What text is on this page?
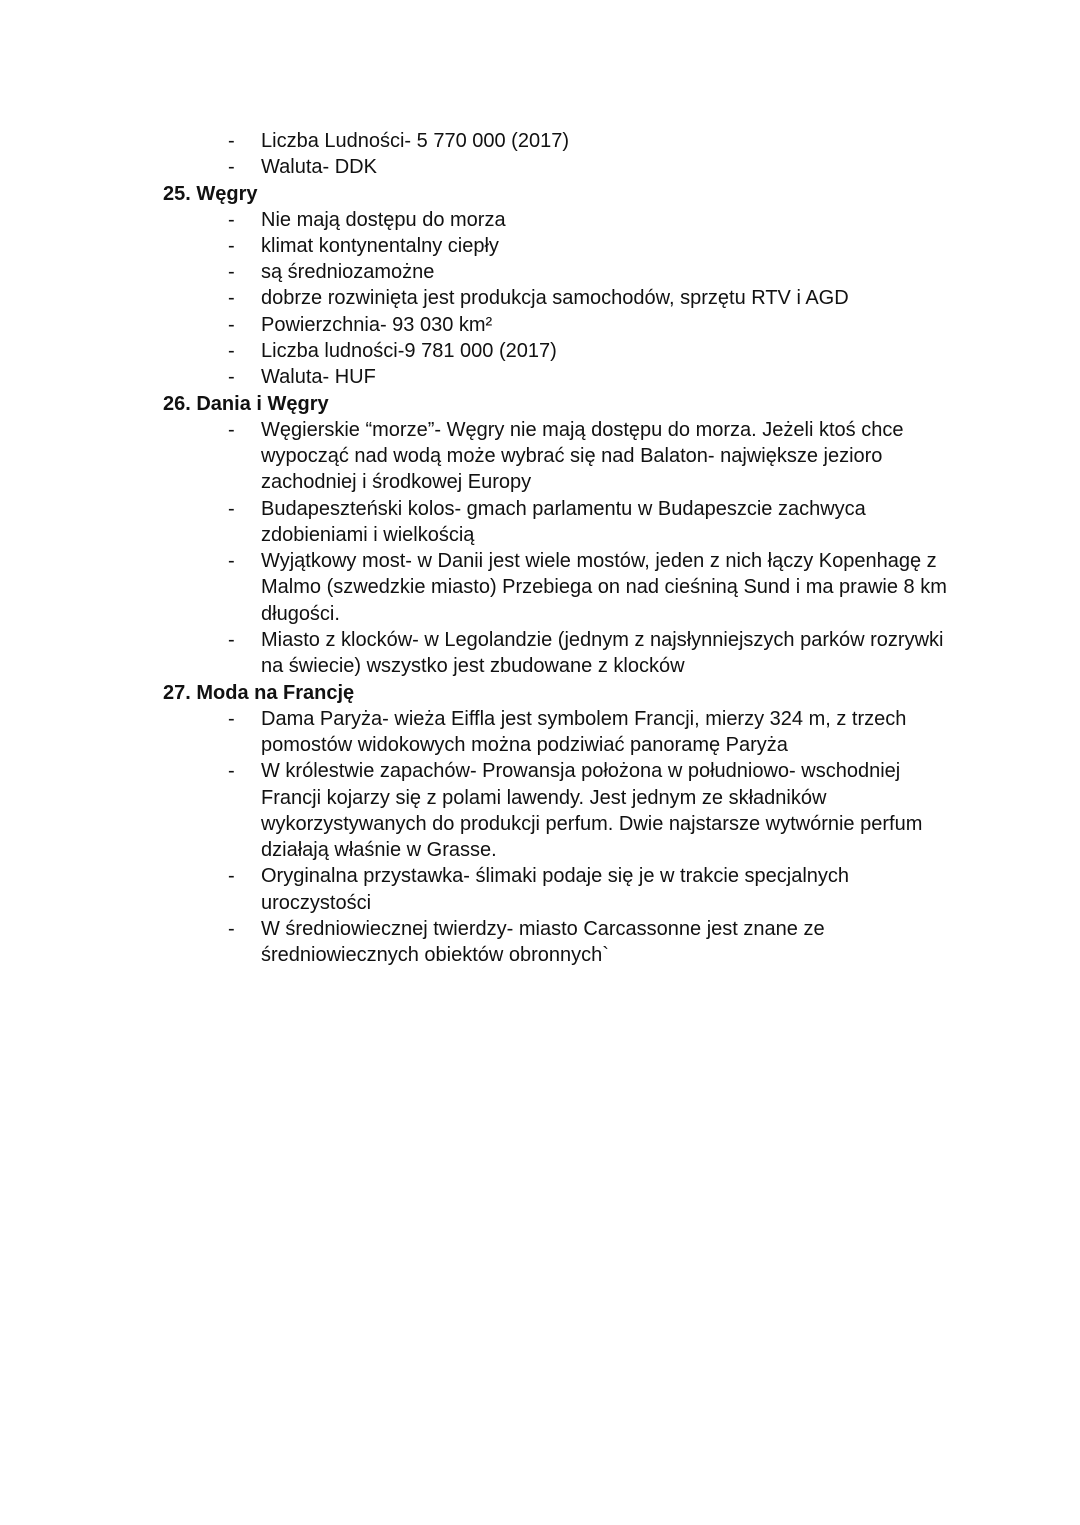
- Liczba Ludności- 5 770 000 (2017)
- Waluta- DDK
25. Węgry
- Nie mają dostępu do morza
- klimat kontynentalny ciepły
- są średniozamożne
- dobrze rozwinięta jest produkcja samochodów, sprzętu RTV i AGD
- Powierzchnia- 93 030 km²
- Liczba ludności-9 781 000 (2017)
- Waluta- HUF
26. Dania i Węgry
- Węgierskie “morze”- Węgry nie mają dostępu do morza. Jeżeli ktoś chce wypocząć nad wodą może wybrać się nad Balaton- największe jezioro zachodniej i środkowej Europy
- Budapeszteński kolos- gmach parlamentu w Budapeszcie zachwyca zdobieniami i wielkością
- Wyjątkowy most- w Danii jest wiele mostów, jeden z nich łączy Kopenhagę z Malmo (szwedzkie miasto) Przebiega on nad cieśniną Sund i ma prawie 8 km długości.
- Miasto z klocków- w Legolandzie (jednym z najsłynniejszych parków rozrywki na świecie) wszystko jest zbudowane z klocków
27. Moda na Francję
- Dama Paryża- wieża Eiffla jest symbolem Francji, mierzy 324 m, z trzech pomostów widokowych można podziwiać panoramę Paryża
- W królestwie zapachów- Prowansja położona w południowo- wschodniej Francji kojarzy się z polami lawendy. Jest jednym ze składników wykorzystywanych do produkcji perfum. Dwie najstarsze wytwórnie perfum działają właśnie w Grasse.
- Oryginalna przystawka- ślimaki podaje się je w trakcie specjalnych uroczystości
- W średniowiecznej twierdzy- miasto Carcassonne jest znane ze średniowiecznych obiektów obronnych`
